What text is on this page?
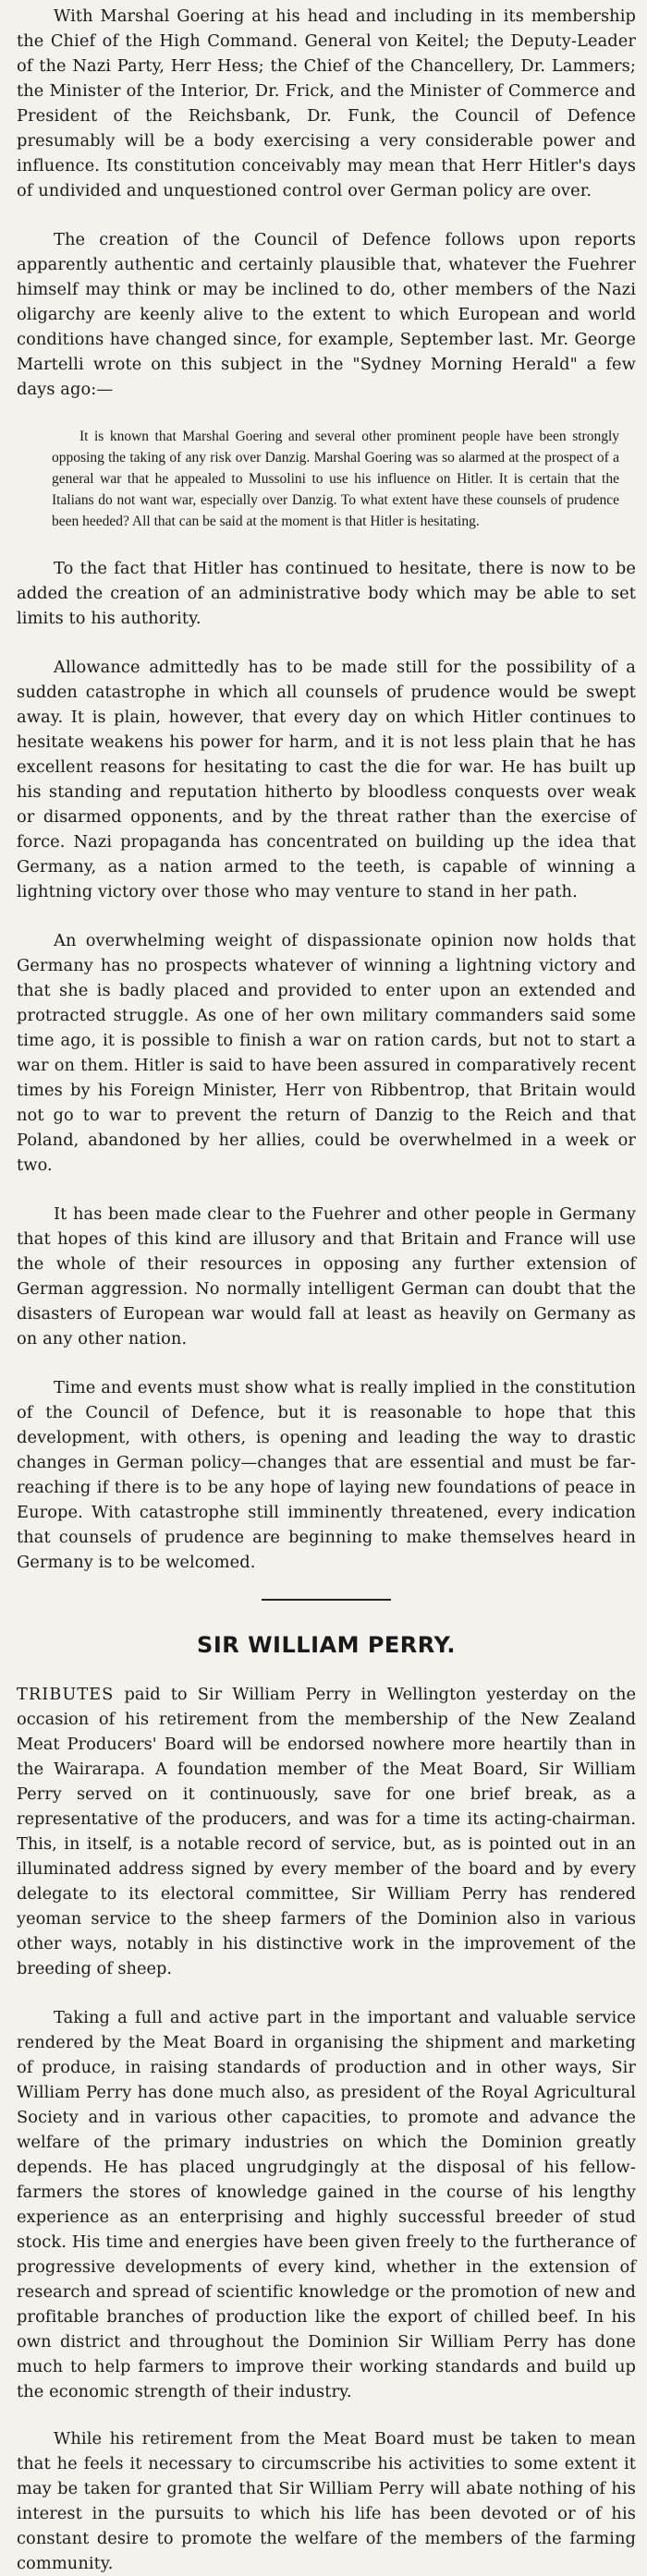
With Marshal Goering at his head and including in its membership the Chief of the High Command. General von Keitel; the Deputy-Leader of the Nazi Party, Herr Hess; the Chief of the Chancellery, Dr. Lammers; the Minister of the Interior, Dr. Frick, and the Minister of Commerce and President of the Reichsbank, Dr. Funk, the Council of Defence presumably will be a body exercising a very considerable power and influence. Its constitution conceivably may mean that Herr Hitler's days of undivided and unquestioned control over German policy are over.

The creation of the Council of Defence follows upon reports apparently authentic and certainly plausible that, whatever the Fuehrer himself may think or may be inclined to do, other members of the Nazi oligarchy are keenly alive to the extent to which European and world conditions have changed since, for example, September last. Mr. George Martelli wrote on this subject in the "Sydney Morning Herald" a few days ago:—

It is known that Marshal Goering and several other prominent people have been strongly opposing the taking of any risk over Danzig. Marshal Goering was so alarmed at the prospect of a general war that he appealed to Mussolini to use his influence on Hitler. It is certain that the Italians do not want war, especially over Danzig. To what extent have these counsels of prudence been heeded? All that can be said at the moment is that Hitler is hesitating.

To the fact that Hitler has continued to hesitate, there is now to be added the creation of an administrative body which may be able to set limits to his authority.

Allowance admittedly has to be made still for the possibility of a sudden catastrophe in which all counsels of prudence would be swept away. It is plain, however, that every day on which Hitler continues to hesitate weakens his power for harm, and it is not less plain that he has excellent reasons for hesitating to cast the die for war. He has built up his standing and reputation hitherto by bloodless conquests over weak or disarmed opponents, and by the threat rather than the exercise of force. Nazi propaganda has concentrated on building up the idea that Germany, as a nation armed to the teeth, is capable of winning a lightning victory over those who may venture to stand in her path.

An overwhelming weight of dispassionate opinion now holds that Germany has no prospects whatever of winning a lightning victory and that she is badly placed and provided to enter upon an extended and protracted struggle. As one of her own military commanders said some time ago, it is possible to finish a war on ration cards, but not to start a war on them. Hitler is said to have been assured in comparatively recent times by his Foreign Minister, Herr von Ribbentrop, that Britain would not go to war to prevent the return of Danzig to the Reich and that Poland, abandoned by her allies, could be overwhelmed in a week or two.

It has been made clear to the Fuehrer and other people in Germany that hopes of this kind are illusory and that Britain and France will use the whole of their resources in opposing any further extension of German aggression. No normally intelligent German can doubt that the disasters of European war would fall at least as heavily on Germany as on any other nation.

Time and events must show what is really implied in the constitution of the Council of Defence, but it is reasonable to hope that this development, with others, is opening and leading the way to drastic changes in German policy—changes that are essential and must be far-reaching if there is to be any hope of laying new foundations of peace in Europe. With catastrophe still imminently threatened, every indication that counsels of prudence are beginning to make themselves heard in Germany is to be welcomed.

SIR WILLIAM PERRY.

TRIBUTES paid to Sir William Perry in Wellington yesterday on the occasion of his retirement from the membership of the New Zealand Meat Producers' Board will be endorsed nowhere more heartily than in the Wairarapa. A foundation member of the Meat Board, Sir William Perry served on it continuously, save for one brief break, as a representative of the producers, and was for a time its acting-chairman. This, in itself, is a notable record of service, but, as is pointed out in an illuminated address signed by every member of the board and by every delegate to its electoral committee, Sir William Perry has rendered yeoman service to the sheep farmers of the Dominion also in various other ways, notably in his distinctive work in the improvement of the breeding of sheep.

Taking a full and active part in the important and valuable service rendered by the Meat Board in organising the shipment and marketing of produce, in raising standards of production and in other ways, Sir William Perry has done much also, as president of the Royal Agricultural Society and in various other capacities, to promote and advance the welfare of the primary industries on which the Dominion greatly depends. He has placed ungrudgingly at the disposal of his fellow-farmers the stores of knowledge gained in the course of his lengthy experience as an enterprising and highly successful breeder of stud stock. His time and energies have been given freely to the furtherance of progressive developments of every kind, whether in the extension of research and spread of scientific knowledge or the promotion of new and profitable branches of production like the export of chilled beef. In his own district and throughout the Dominion Sir William Perry has done much to help farmers to improve their working standards and build up the economic strength of their industry.

While his retirement from the Meat Board must be taken to mean that he feels it necessary to circumscribe his activities to some extent it may be taken for granted that Sir William Perry will abate nothing of his interest in the pursuits to which his life has been devoted or of his constant desire to promote the welfare of the members of the farming community.
